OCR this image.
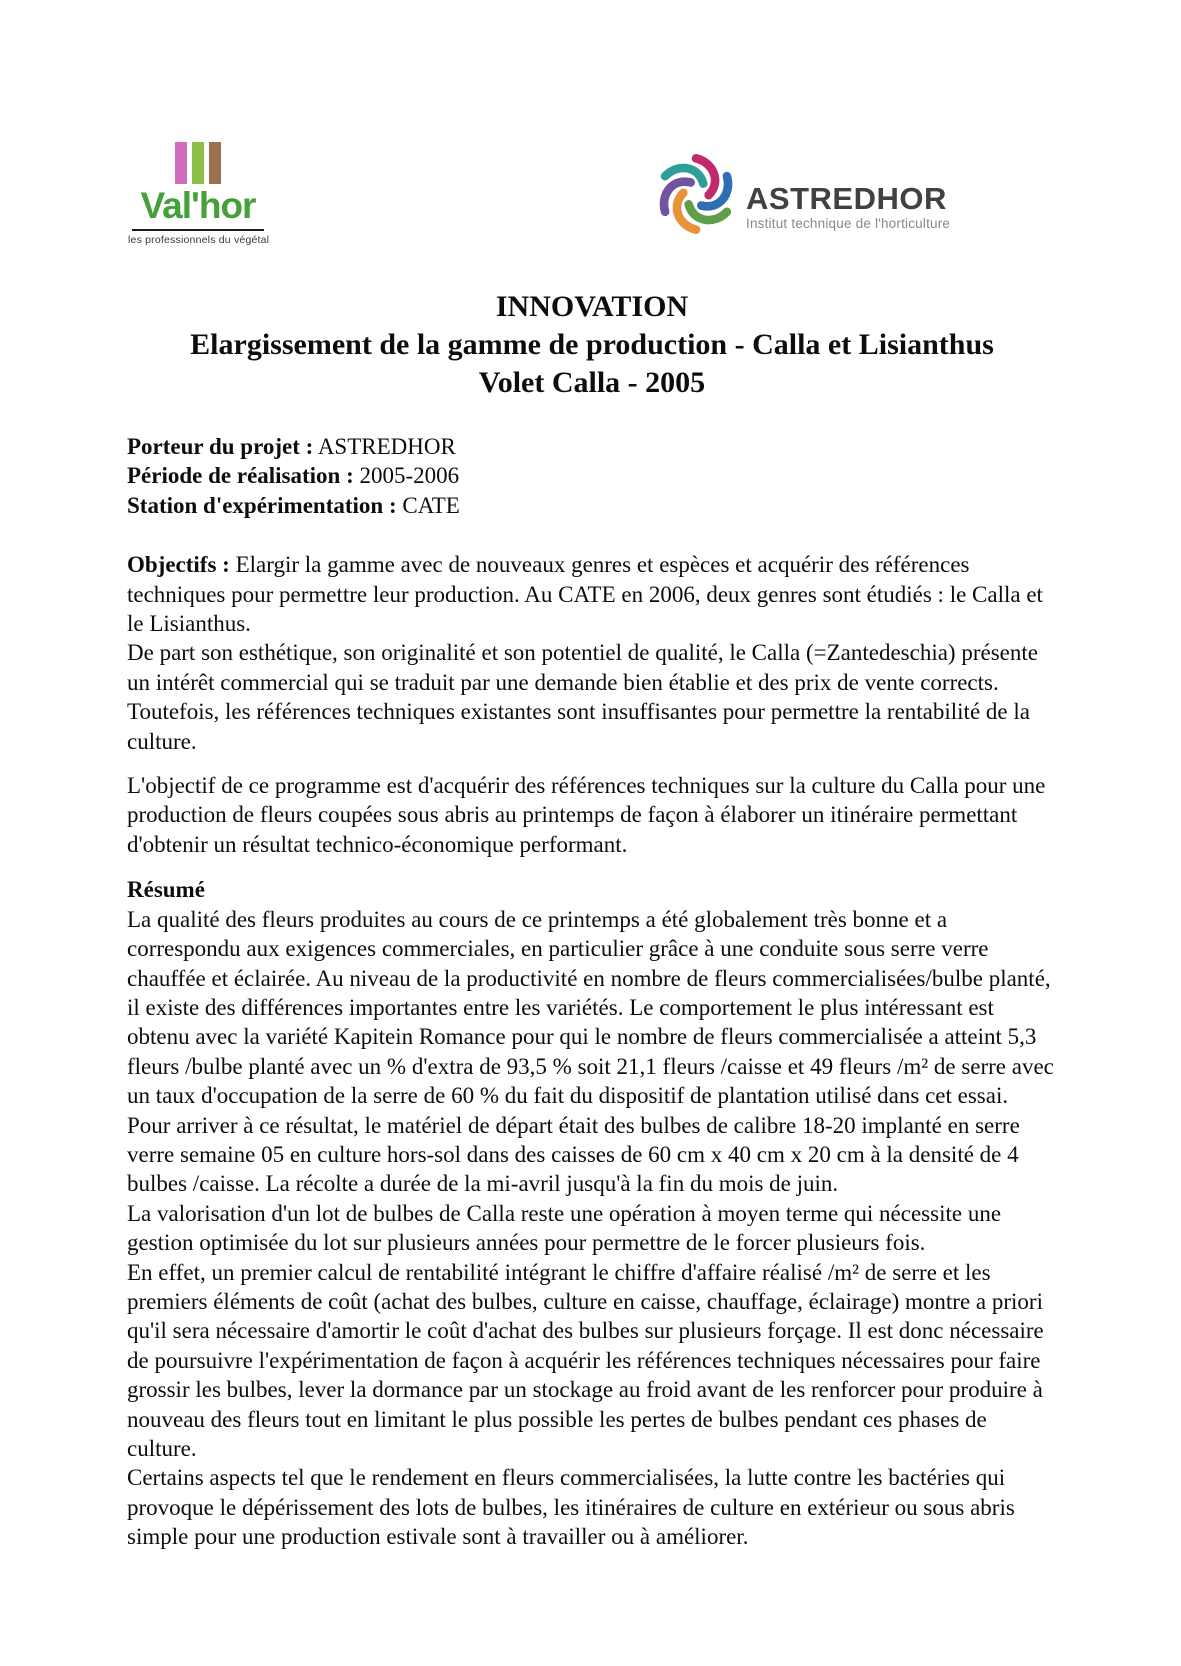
Val'hor
les professionnels du végétal
ASTREDHOR
Institut technique de l'horticulture
INNOVATION
Elargissement de la gamme de production - Calla et Lisianthus
Volet Calla - 2005
Porteur du projet : ASTREDHOR
Période de réalisation : 2005-2006
Station d'expérimentation : CATE

Objectifs : Elargir la gamme avec de nouveaux genres et espèces et acquérir des références techniques pour permettre leur production. Au CATE en 2006, deux genres sont étudiés : le Calla et le Lisianthus.
De part son esthétique, son originalité et son potentiel de qualité, le Calla (=Zantedeschia) présente un intérêt commercial qui se traduit par une demande bien établie et des prix de vente corrects. Toutefois, les références techniques existantes sont insuffisantes pour permettre la rentabilité de la culture.

L'objectif de ce programme est d'acquérir des références techniques sur la culture du Calla pour une production de fleurs coupées sous abris au printemps de façon à élaborer un itinéraire permettant d'obtenir un résultat technico-économique performant.

Résumé
La qualité des fleurs produites au cours de ce printemps a été globalement très bonne et a correspondu aux exigences commerciales, en particulier grâce à une conduite sous serre verre chauffée et éclairée. Au niveau de la productivité en nombre de fleurs commercialisées/bulbe planté, il existe des différences importantes entre les variétés. Le comportement le plus intéressant est obtenu avec la variété Kapitein Romance pour qui le nombre de fleurs commercialisée a atteint 5,3 fleurs /bulbe planté avec un % d'extra de 93,5 % soit 21,1 fleurs /caisse et 49 fleurs /m² de serre avec un taux d'occupation de la serre de 60 % du fait du dispositif de plantation utilisé dans cet essai. Pour arriver à ce résultat, le matériel de départ était des bulbes de calibre 18-20 implanté en serre verre semaine 05 en culture hors-sol dans des caisses de 60 cm x 40 cm x 20 cm à la densité de 4 bulbes /caisse. La récolte a durée de la mi-avril jusqu'à la fin du mois de juin.
La valorisation d'un lot de bulbes de Calla reste une opération à moyen terme qui nécessite une gestion optimisée du lot sur plusieurs années pour permettre de le forcer plusieurs fois.
En effet, un premier calcul de rentabilité intégrant le chiffre d'affaire réalisé /m² de serre et les premiers éléments de coût (achat des bulbes, culture en caisse, chauffage, éclairage) montre a priori qu'il sera nécessaire d'amortir le coût d'achat des bulbes sur plusieurs forçage. Il est donc nécessaire de poursuivre l'expérimentation de façon à acquérir les références techniques nécessaires pour faire grossir les bulbes, lever la dormance par un stockage au froid avant de les renforcer pour produire à nouveau des fleurs tout en limitant le plus possible les pertes de bulbes pendant ces phases de culture.
Certains aspects tel que le rendement en fleurs commercialisées, la lutte contre les bactéries qui provoque le dépérissement des lots de bulbes, les itinéraires de culture en extérieur ou sous abris simple pour une production estivale sont à travailler ou à améliorer.
